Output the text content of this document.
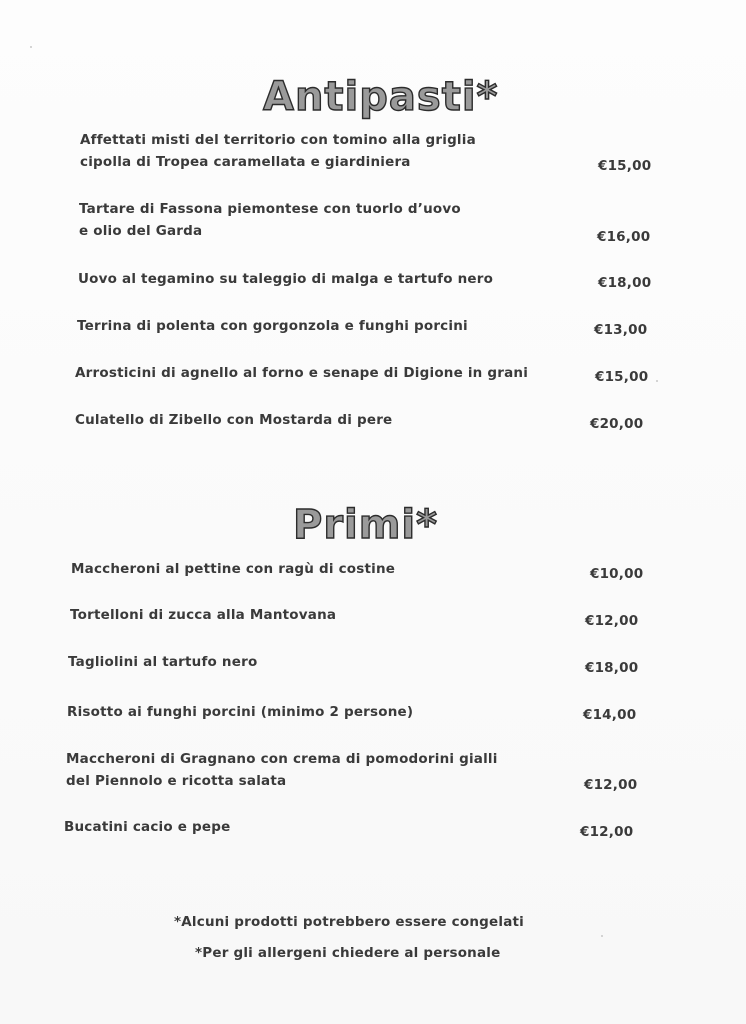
Antipasti*
Affettati misti del territorio con tomino alla griglia
cipolla di Tropea caramellata e giardiniera	€15,00
Tartare di Fassona piemontese con tuorlo d’uovo
e olio del Garda	€16,00
Uovo al tegamino su taleggio di malga e tartufo nero	€18,00
Terrina di polenta con gorgonzola e funghi porcini	€13,00
Arrosticini di agnello al forno e senape di Digione in grani	€15,00
Culatello di Zibello con Mostarda di pere	€20,00
Primi*
Maccheroni al pettine con ragù di costine	€10,00
Tortelloni di zucca alla Mantovana	€12,00
Tagliolini al tartufo nero	€18,00
Risotto ai funghi porcini (minimo 2 persone)	€14,00
Maccheroni di Gragnano con crema di pomodorini gialli
del Piennolo e ricotta salata	€12,00
Bucatini cacio e pepe	€12,00
*Alcuni prodotti potrebbero essere congelati
*Per gli allergeni chiedere al personale
